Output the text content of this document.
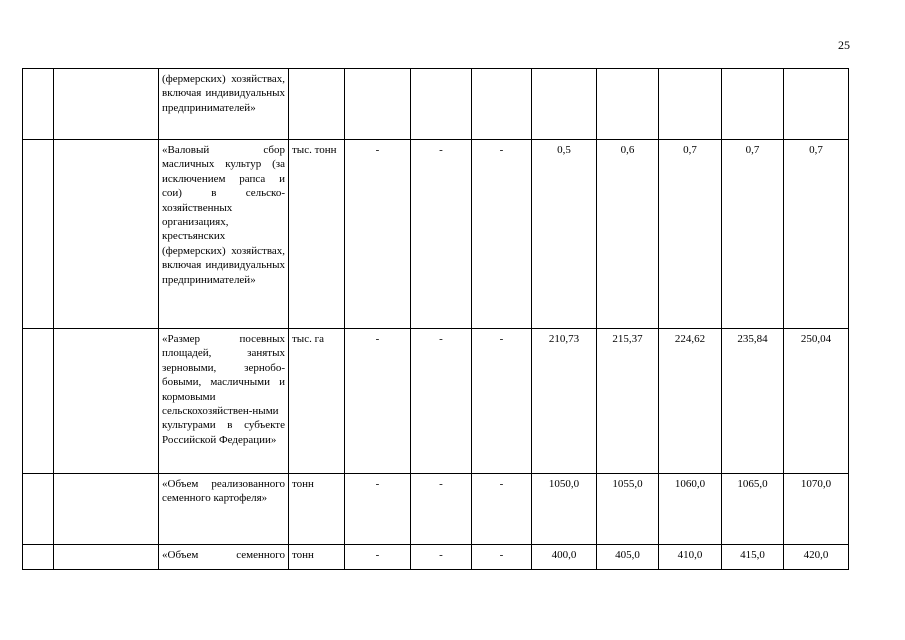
25

		(фермерских) хозяйствах, включая индивидуальных предпринимателей»									

		«Валовый сбор масличных культур (за исключением рапса и сои) в сельско-хозяйственных организациях, крестьянских (фермерских) хозяйствах, включая индивидуальных предпринимателей»	тыс. тонн	-	-	-	0,5	0,6	0,7	0,7	0,7

		«Размер посевных площадей, занятых зерновыми, зернобо-бовыми, масличными и кормовыми сельскохозяйствен-ными культурами в субъекте Российской Федерации»	тыс. га	-	-	-	210,73	215,37	224,62	235,84	250,04

		«Объем реализованного семенного картофеля»	тонн	-	-	-	1050,0	1055,0	1060,0	1065,0	1070,0

		«Объем семенного	тонн	-	-	-	400,0	405,0	410,0	415,0	420,0
